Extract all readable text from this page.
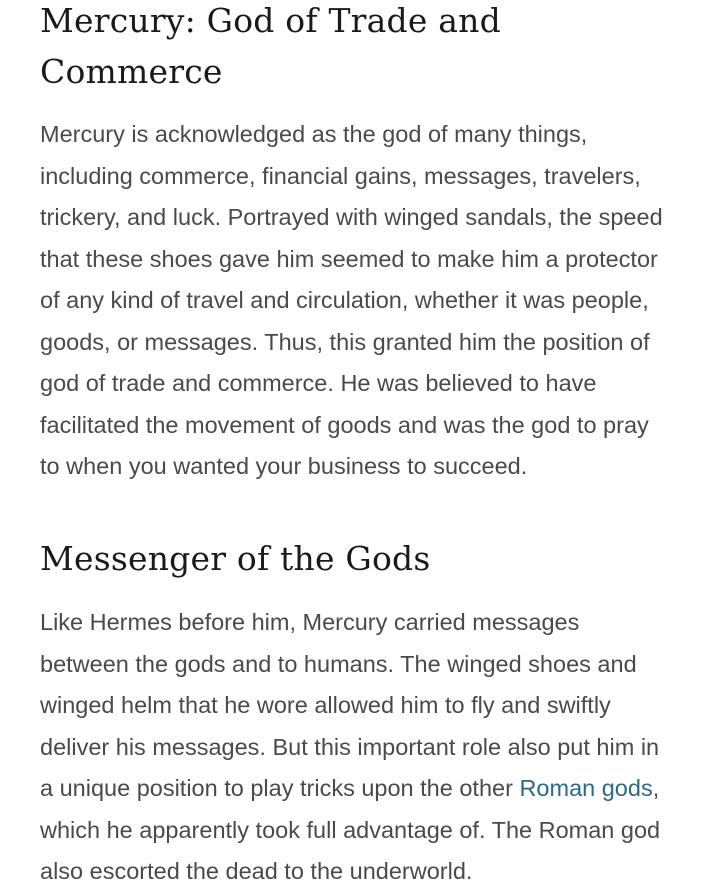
Mercury: God of Trade and
Commerce

Mercury is acknowledged as the god of many things,
including commerce, financial gains, messages, travelers,
trickery, and luck. Portrayed with winged sandals, the speed
that these shoes gave him seemed to make him a protector
of any kind of travel and circulation, whether it was people,
goods, or messages. Thus, this granted him the position of
god of trade and commerce. He was believed to have
facilitated the movement of goods and was the god to pray
to when you wanted your business to succeed.

Messenger of the Gods

Like Hermes before him, Mercury carried messages
between the gods and to humans. The winged shoes and
winged helm that he wore allowed him to fly and swiftly
deliver his messages. But this important role also put him in
a unique position to play tricks upon the other Roman gods,
which he apparently took full advantage of. The Roman god
also escorted the dead to the underworld.
